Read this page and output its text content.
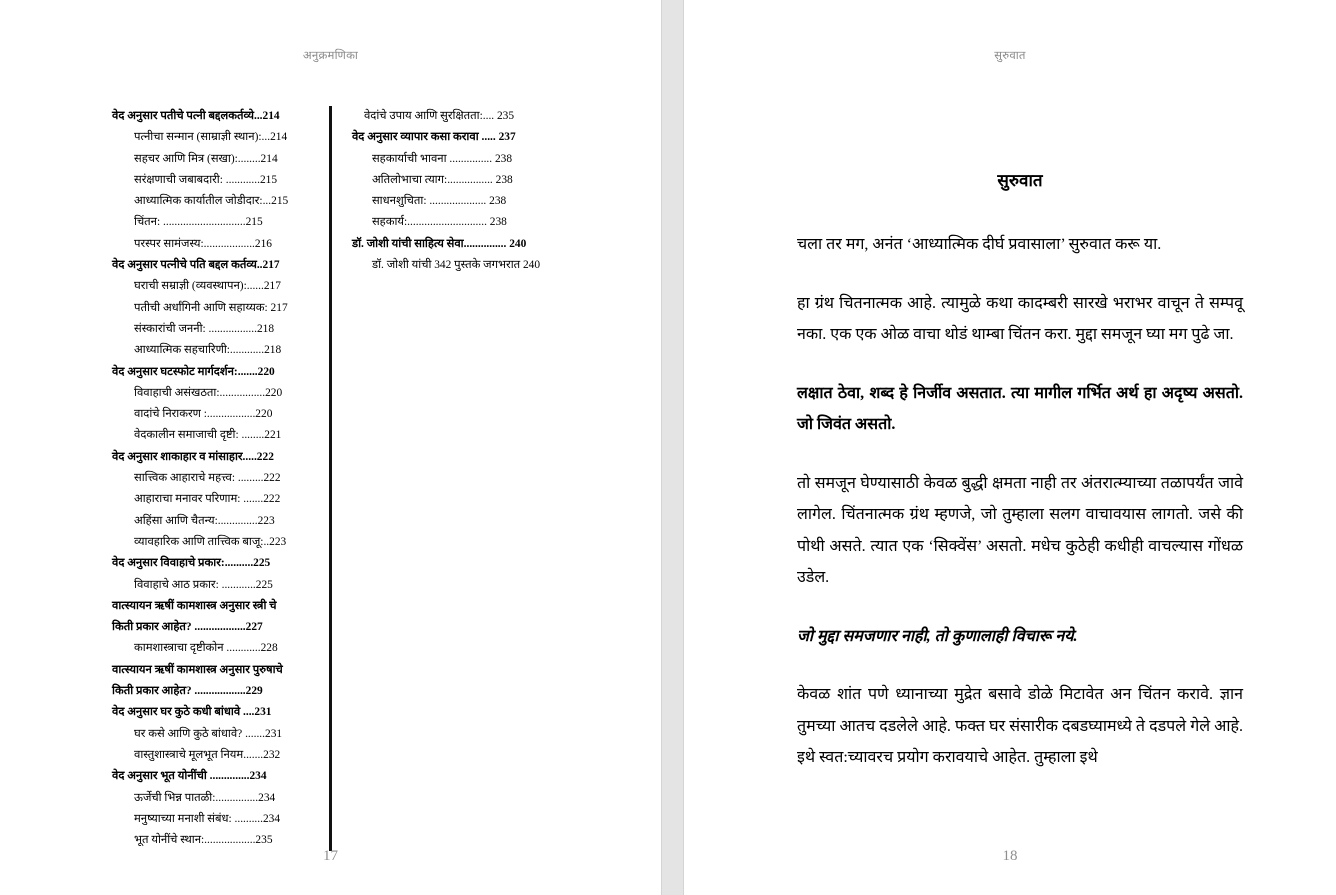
अनुक्रमणिका
वेद अनुसार पतीचे पत्नी बद्दलकर्तव्ये...214
पत्नीचा सन्मान (साम्राज्ञी स्थान):...214
सहचर आणि मित्र (सखा):........214
सरंक्षणाची जबाबदारी: ............215
आध्यात्मिक कार्यातील जोडीदार:...215
चिंतन: .............................215
परस्पर सामंजस्य:..................216
वेद अनुसार पत्नीचे पति बद्दल कर्तव्य..217
घराची सम्राज्ञी (व्यवस्थापन):......217
पतीची अर्धांगिनी आणि सहाय्यक: 217
संस्कारांची जननी: .................218
आध्यात्मिक सहचारिणी:............218
वेद अनुसार घटस्फोट मार्गदर्शन:.......220
विवाहाची असंखठता:................220
वादांचे निराकरण :.................220
वेदकालीन समाजाची दृष्टी: ........221
वेद अनुसार शाकाहार व मांसाहार.....222
सात्त्विक आहाराचे महत्त्व: .........222
आहाराचा मनावर परिणाम: .......222
अहिंसा आणि चैतन्य:..............223
व्यावहारिक आणि तात्त्विक बाजू:..223
वेद अनुसार विवाहाचे प्रकार:..........225
विवाहाचे आठ प्रकार: ............225
वात्स्यायन ऋषीं कामशास्त्र अनुसार स्त्री चे
किती प्रकार आहेत? ..................227
कामशास्त्राचा दृष्टीकोन ............228
वात्स्यायन ऋषीं कामशास्त्र अनुसार पुरुषाचे
किती प्रकार आहेत? ..................229
वेद अनुसार घर कुठे कधी बांधावे ....231
घर कसे आणि कुठे बांधावे? .......231
वास्तुशास्त्राचे मूलभूत नियम.......232
वेद अनुसार भूत योनींची ..............234
ऊर्जेची भिन्न पातळी:...............234
मनुष्याच्या मनाशी संबंध: ..........234
भूत योनींचे स्थान:..................235
वेदांचे उपाय आणि सुरक्षितता:.... 235
वेद अनुसार व्यापार कसा करावा ..... 237
सहकार्याची भावना ............... 238
अतिलोभाचा त्याग:................ 238
साधनशुचिता: .................... 238
सहकार्य:............................ 238
डॉ. जोशी यांची साहित्य सेवा............... 240
डॉ. जोशी यांची 342 पुस्तके जगभरात 240
17
सुरुवात
सुरुवात

चला तर मग, अनंत ‘आध्यात्मिक दीर्घ प्रवासाला’ सुरुवात करू या.

हा ग्रंथ चितनात्मक आहे. त्यामुळे कथा कादम्बरी सारखे भराभर वाचून ते सम्पवू नका. एक एक ओळ वाचा थोडं थाम्बा चिंतन करा. मुद्दा समजून घ्या मग पुढे जा.

लक्षात ठेवा, शब्द हे निर्जीव असतात. त्या मागील गर्भित अर्थ हा अदृष्य असतो. जो जिवंत असतो.

तो समजून घेण्यासाठी केवळ बुद्धी क्षमता नाही तर अंतरात्म्याच्या तळापर्यंत जावे लागेल. चिंतनात्मक ग्रंथ म्हणजे, जो तुम्हाला सलग वाचावयास लागतो. जसे की पोथी असते. त्यात एक ‘सिक्वेंस’ असतो. मधेच कुठेही कधीही वाचल्यास गोंधळ उडेल.

जो मुद्दा समजणार नाही, तो कुणालाही विचारू नये.

केवळ शांत पणे ध्यानाच्या मुद्रेत बसावे डोळे मिटावेत अन चिंतन करावे. ज्ञान तुमच्या आतच दडलेले आहे. फक्त घर संसारीक दबडघ्यामध्ये ते दडपले गेले आहे. इथे स्वत:च्यावरच प्रयोग करावयाचे आहेत. तुम्हाला इथे

18
